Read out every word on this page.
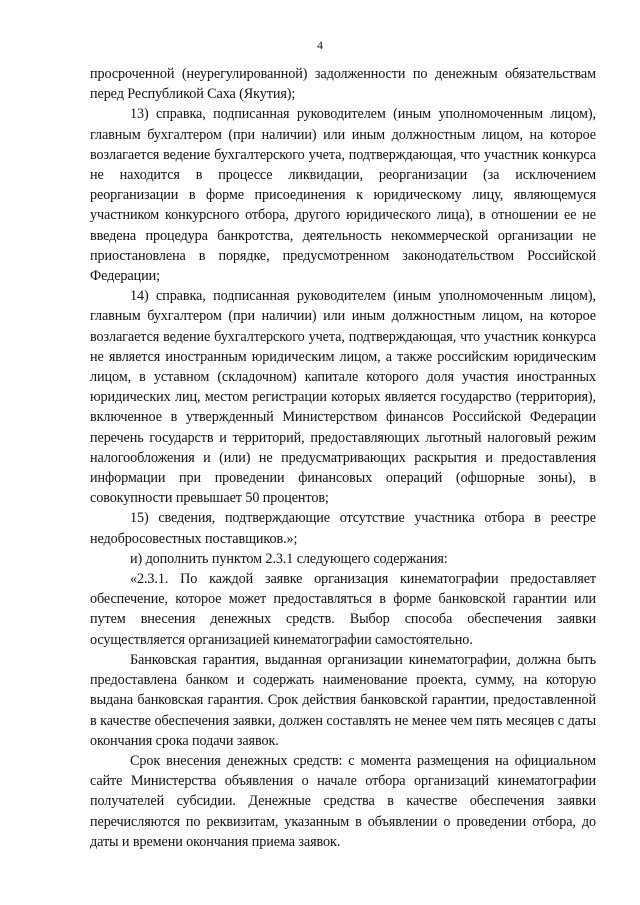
4

просроченной (неурегулированной) задолженности по денежным обязательствам перед Республикой Саха (Якутия);

13) справка, подписанная руководителем (иным уполномоченным лицом), главным бухгалтером (при наличии) или иным должностным лицом, на которое возлагается ведение бухгалтерского учета, подтверждающая, что участник конкурса не находится в процессе ликвидации, реорганизации (за исключением реорганизации в форме присоединения к юридическому лицу, являющемуся участником конкурсного отбора, другого юридического лица), в отношении ее не введена процедура банкротства, деятельность некоммерческой организации не приостановлена в порядке, предусмотренном законодательством Российской Федерации;

14) справка, подписанная руководителем (иным уполномоченным лицом), главным бухгалтером (при наличии) или иным должностным лицом, на которое возлагается ведение бухгалтерского учета, подтверждающая, что участник конкурса не является иностранным юридическим лицом, а также российским юридическим лицом, в уставном (складочном) капитале которого доля участия иностранных юридических лиц, местом регистрации которых является государство (территория), включенное в утвержденный Министерством финансов Российской Федерации перечень государств и территорий, предоставляющих льготный налоговый режим налогообложения и (или) не предусматривающих раскрытия и предоставления информации при проведении финансовых операций (офшорные зоны), в совокупности превышает 50 процентов;

15) сведения, подтверждающие отсутствие участника отбора в реестре недобросовестных поставщиков.»;

и) дополнить пунктом 2.3.1 следующего содержания:

«2.3.1. По каждой заявке организация кинематографии предоставляет обеспечение, которое может предоставляться в форме банковской гарантии или путем внесения денежных средств. Выбор способа обеспечения заявки осуществляется организацией кинематографии самостоятельно.

Банковская гарантия, выданная организации кинематографии, должна быть предоставлена банком и содержать наименование проекта, сумму, на которую выдана банковская гарантия. Срок действия банковской гарантии, предоставленной в качестве обеспечения заявки, должен составлять не менее чем пять месяцев с даты окончания срока подачи заявок.

Срок внесения денежных средств: с момента размещения на официальном сайте Министерства объявления о начале отбора организаций кинематографии получателей субсидии. Денежные средства в качестве обеспечения заявки перечисляются по реквизитам, указанным в объявлении о проведении отбора, до даты и времени окончания приема заявок.
